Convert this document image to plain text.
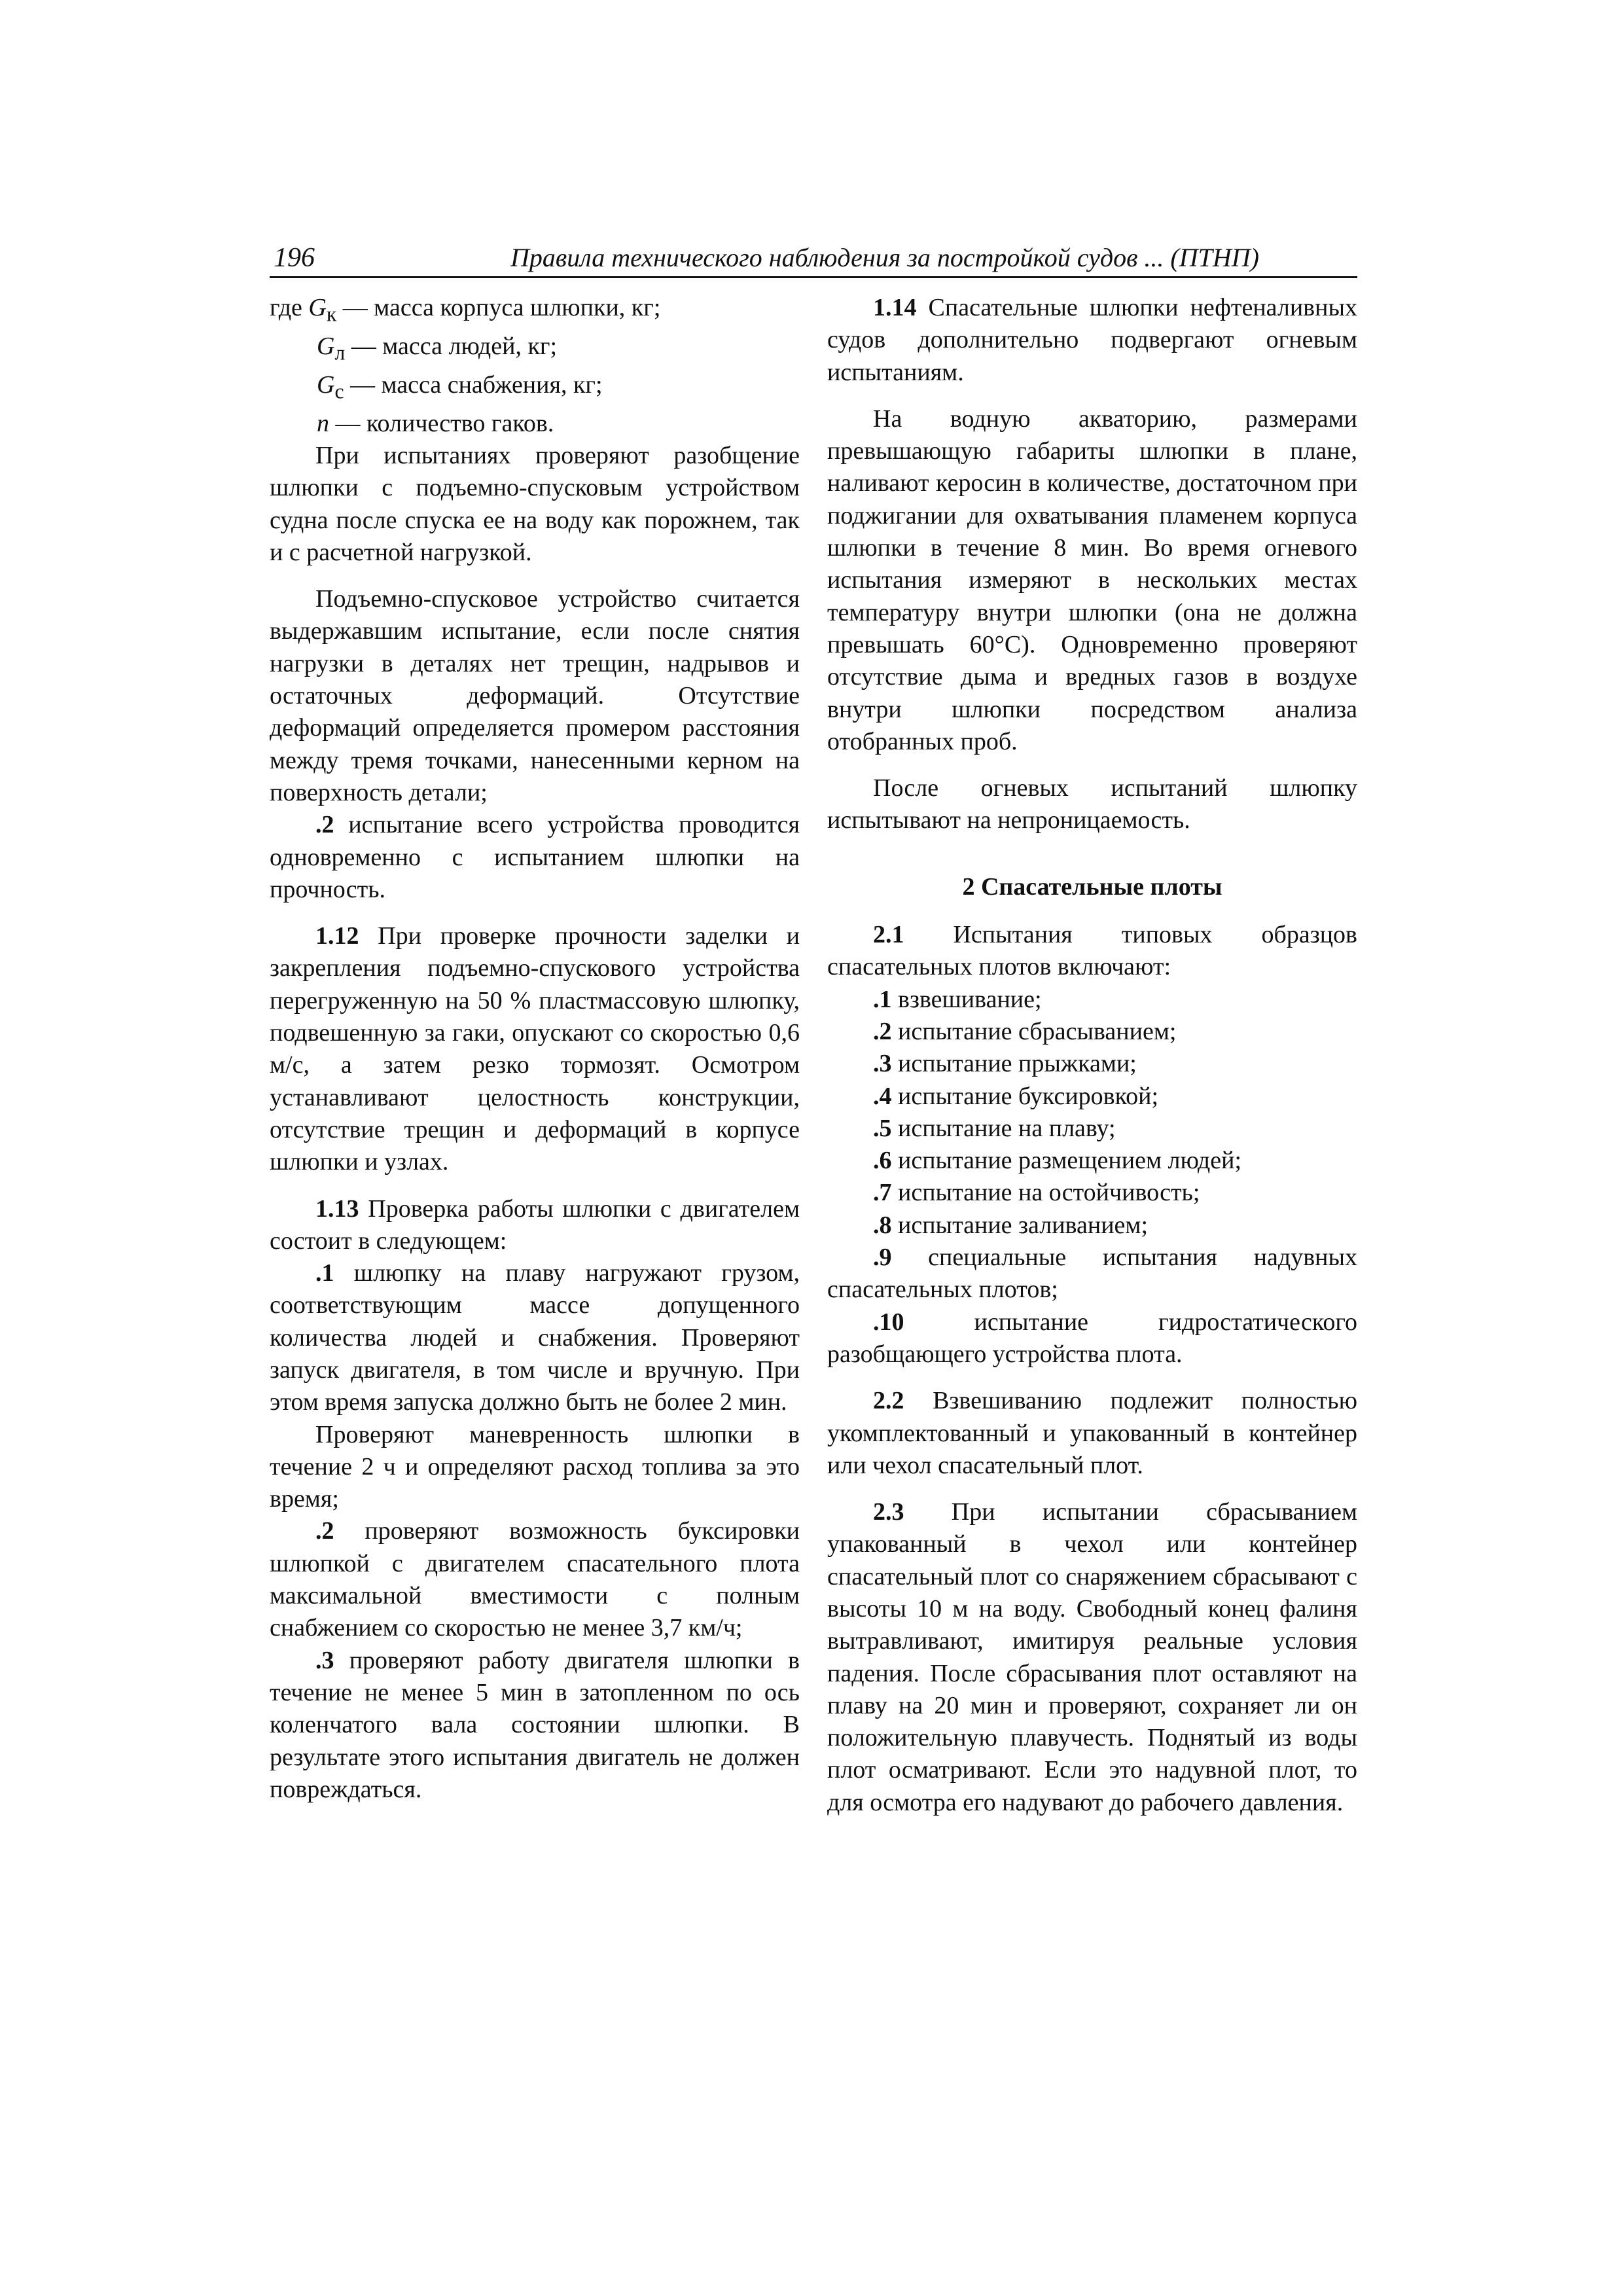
196	Правила технического наблюдения за постройкой судов ... (ПТНП)
где $G_к$ — масса корпуса шлюпки, кг;
$G_л$ — масса людей, кг;
$G_с$ — масса снабжения, кг;
n — количество гаков.

При испытаниях проверяют разобщение шлюпки с подъемно-спусковым устройством судна после спуска ее на воду как порожнем, так и с расчетной нагрузкой.

Подъемно-спусковое устройство считается выдержавшим испытание, если после снятия нагрузки в деталях нет трещин, надрывов и остаточных деформаций. Отсутствие деформаций определяется промером расстояния между тремя точками, нанесенными керном на поверхность детали;

.2 испытание всего устройства проводится одновременно с испытанием шлюпки на прочность.

1.12 При проверке прочности заделки и закрепления подъемно-спускового устройства перегруженную на 50 % пластмассовую шлюпку, подвешенную за гаки, опускают со скоростью 0,6 м/с, а затем резко тормозят. Осмотром устанавливают целостность конструкции, отсутствие трещин и деформаций в корпусе шлюпки и узлах.

1.13 Проверка работы шлюпки с двигателем состоит в следующем:

.1 шлюпку на плаву нагружают грузом, соответствующим массе допущенного количества людей и снабжения. Проверяют запуск двигателя, в том числе и вручную. При этом время запуска должно быть не более 2 мин.

Проверяют маневренность шлюпки в течение 2 ч и определяют расход топлива за это время;

.2 проверяют возможность буксировки шлюпкой с двигателем спасательного плота максимальной вместимости с полным снабжением со скоростью не менее 3,7 км/ч;

.3 проверяют работу двигателя шлюпки в течение не менее 5 мин в затопленном по ось коленчатого вала состоянии шлюпки. В результате этого испытания двигатель не должен повреждаться.

1.14 Спасательные шлюпки нефтеналивных судов дополнительно подвергают огневым испытаниям.

На водную акваторию, размерами превышающую габариты шлюпки в плане, наливают керосин в количестве, достаточном при поджигании для охватывания пламенем корпуса шлюпки в течение 8 мин. Во время огневого испытания измеряют в нескольких местах температуру внутри шлюпки (она не должна превышать 60°С). Одновременно проверяют отсутствие дыма и вредных газов в воздухе внутри шлюпки посредством анализа отобранных проб.

После огневых испытаний шлюпку испытывают на непроницаемость.

2 Спасательные плоты

2.1 Испытания типовых образцов спасательных плотов включают:

.1 взвешивание;
.2 испытание сбрасыванием;
.3 испытание прыжками;
.4 испытание буксировкой;
.5 испытание на плаву;
.6 испытание размещением людей;
.7 испытание на остойчивость;
.8 испытание заливанием;

.9 специальные испытания надувных спасательных плотов;

.10 испытание гидростатического разобщающего устройства плота.

2.2 Взвешиванию подлежит полностью укомплектованный и упакованный в контейнер или чехол спасательный плот.

2.3 При испытании сбрасыванием упакованный в чехол или контейнер спасательный плот со снаряжением сбрасывают с высоты 10 м на воду. Свободный конец фалиня вытравливают, имитируя реальные условия падения. После сбрасывания плот оставляют на плаву на 20 мин и проверяют, сохраняет ли он положительную плавучесть. Поднятый из воды плот осматривают. Если это надувной плот, то для осмотра его надувают до рабочего давления.
